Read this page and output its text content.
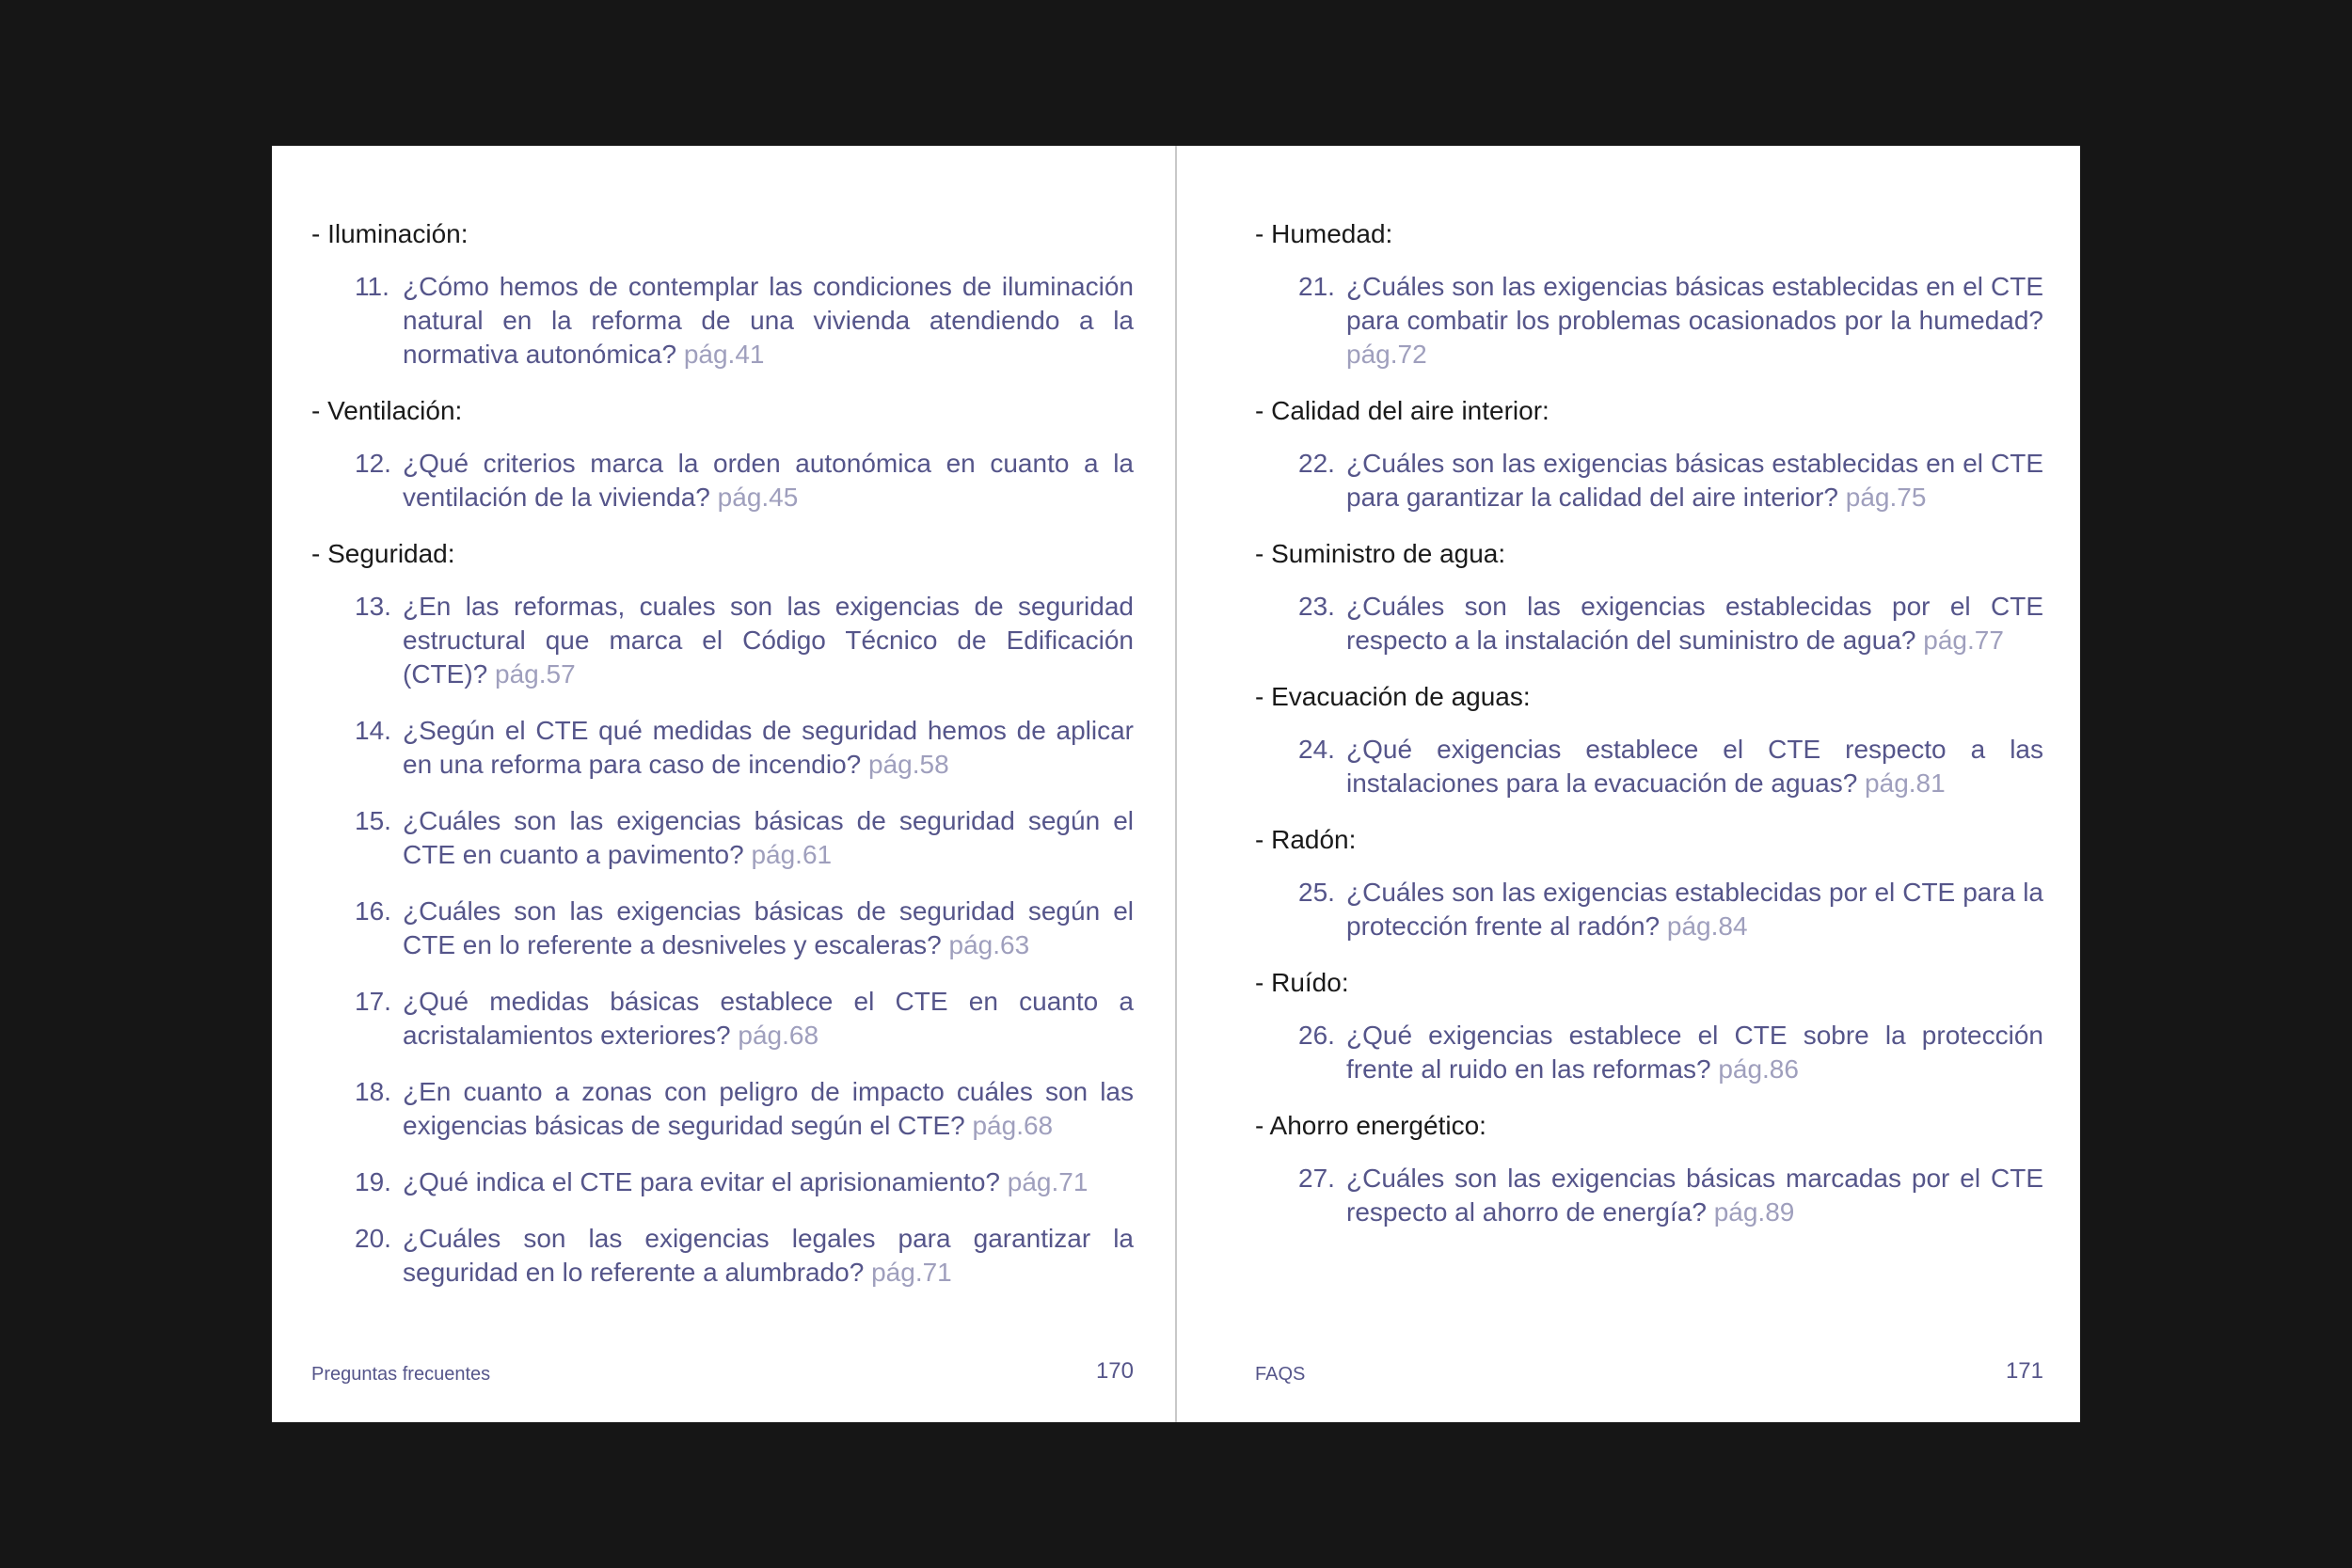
- Iluminación:
11. ¿Cómo hemos de contemplar las condiciones de iluminación natural en la reforma de una vivienda atendiendo a la normativa autonómica? pág.41
- Ventilación:
12. ¿Qué criterios marca la orden autonómica en cuanto a la ventilación de la vivienda? pág.45
- Seguridad:
13. ¿En las reformas, cuales son las exigencias de seguridad estructural que marca el Código Técnico de Edificación (CTE)? pág.57
14. ¿Según el CTE qué medidas de seguridad hemos de aplicar en una reforma para caso de incendio? pág.58
15. ¿Cuáles son las exigencias básicas de seguridad según el CTE en cuanto a pavimento? pág.61
16. ¿Cuáles son las exigencias básicas de seguridad según el CTE en lo referente a desniveles y escaleras? pág.63
17. ¿Qué medidas básicas establece el CTE en cuanto a acristalamientos exteriores? pág.68
18. ¿En cuanto a zonas con peligro de impacto cuáles son las exigencias básicas de seguridad según el CTE? pág.68
19. ¿Qué indica el CTE para evitar el aprisionamiento? pág.71
20. ¿Cuáles son las exigencias legales para garantizar la seguridad en lo referente a alumbrado? pág.71
Preguntas frecuentes	170
- Humedad:
21. ¿Cuáles son las exigencias básicas establecidas en el CTE para combatir los problemas ocasionados por la humedad? pág.72
- Calidad del aire interior:
22. ¿Cuáles son las exigencias básicas establecidas en el CTE para garantizar la calidad del aire interior? pág.75
- Suministro de agua:
23. ¿Cuáles son las exigencias establecidas por el CTE respecto a la instalación del suministro de agua? pág.77
- Evacuación de aguas:
24. ¿Qué exigencias establece el CTE respecto a las instalaciones para la evacuación de aguas? pág.81
- Radón:
25. ¿Cuáles son las exigencias establecidas por el CTE para la protección frente al radón? pág.84
- Ruído:
26. ¿Qué exigencias establece el CTE sobre la protección frente al ruido en las reformas? pág.86
- Ahorro energético:
27. ¿Cuáles son las exigencias básicas marcadas por el CTE respecto al ahorro de energía? pág.89
FAQS	171
